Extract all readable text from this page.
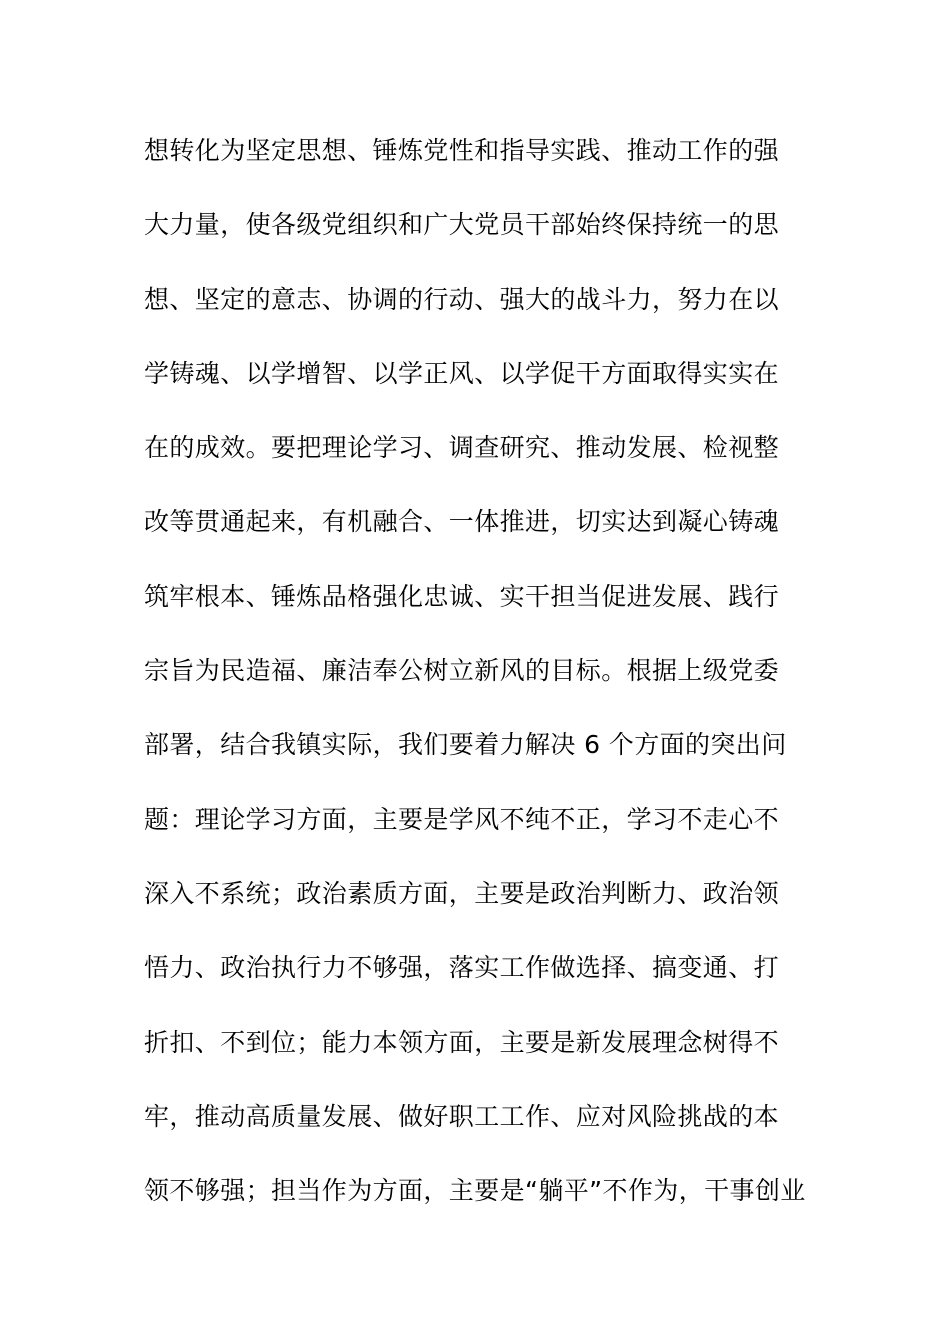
想转化为坚定思想、锤炼党性和指导实践、推动工作的强
大力量，使各级党组织和广大党员干部始终保持统一的思
想、坚定的意志、协调的行动、强大的战斗力，努力在以
学铸魂、以学增智、以学正风、以学促干方面取得实实在
在的成效。要把理论学习、调查研究、推动发展、检视整
改等贯通起来，有机融合、一体推进，切实达到凝心铸魂
筑牢根本、锤炼品格强化忠诚、实干担当促进发展、践行
宗旨为民造福、廉洁奉公树立新风的目标。根据上级党委
部署，结合我镇实际，我们要着力解决 6 个方面的突出问
题：理论学习方面，主要是学风不纯不正，学习不走心不
深入不系统；政治素质方面，主要是政治判断力、政治领
悟力、政治执行力不够强，落实工作做选择、搞变通、打
折扣、不到位；能力本领方面，主要是新发展理念树得不
牢，推动高质量发展、做好职工工作、应对风险挑战的本
领不够强；担当作为方面，主要是“躺平”不作为，干事创业
